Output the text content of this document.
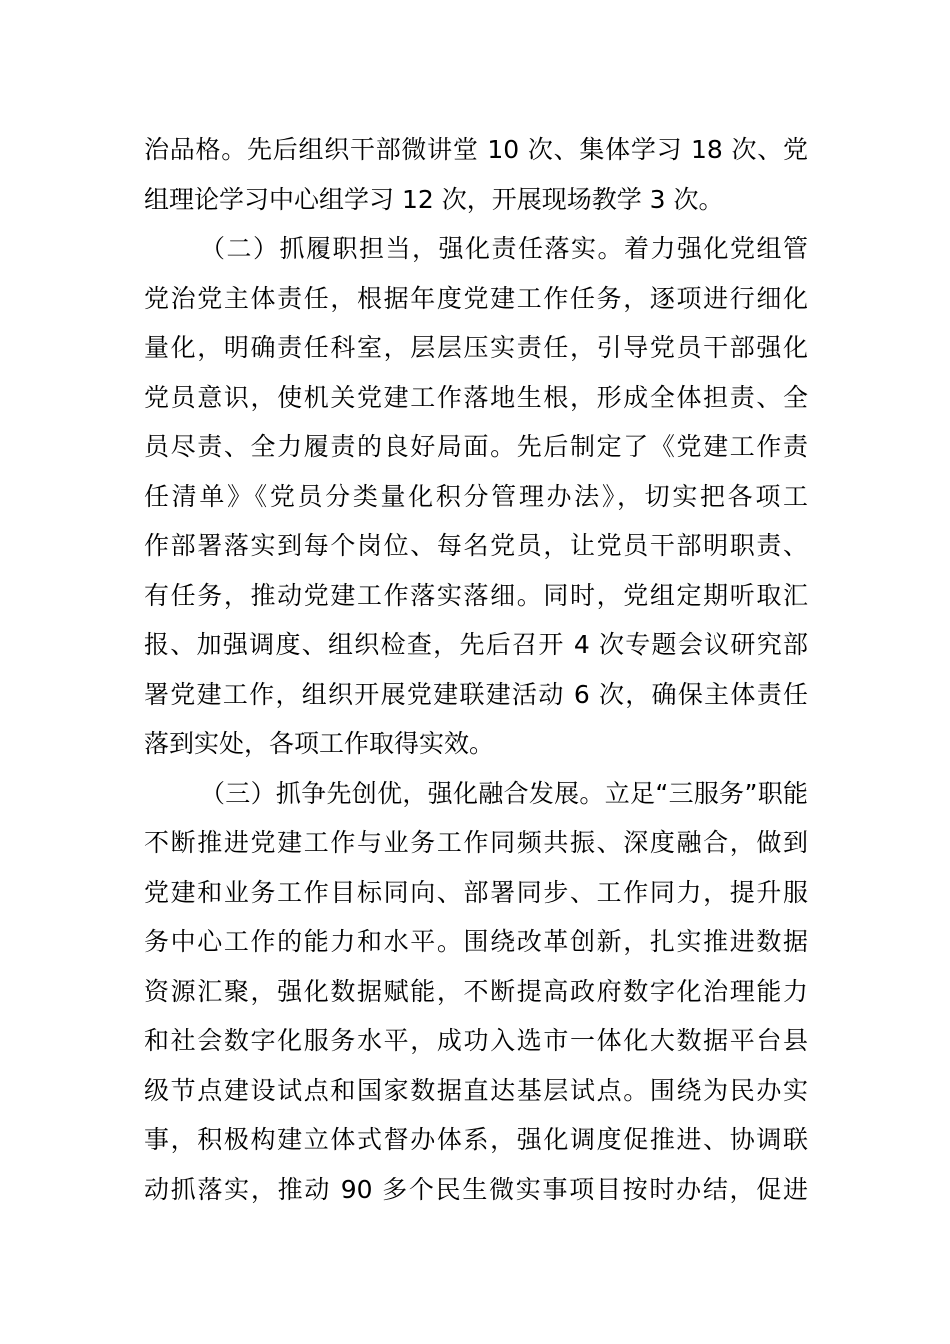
治品格。先后组织干部微讲堂 10 次、集体学习 18 次、党
组理论学习中心组学习 12 次，开展现场教学 3 次。
（二）抓履职担当，强化责任落实。着力强化党组管
党治党主体责任，根据年度党建工作任务，逐项进行细化
量化，明确责任科室，层层压实责任，引导党员干部强化
党员意识，使机关党建工作落地生根，形成全体担责、全
员尽责、全力履责的良好局面。先后制定了《党建工作责
任清单》《党员分类量化积分管理办法》，切实把各项工
作部署落实到每个岗位、每名党员，让党员干部明职责、
有任务，推动党建工作落实落细。同时，党组定期听取汇
报、加强调度、组织检查，先后召开 4 次专题会议研究部
署党建工作，组织开展党建联建活动 6 次，确保主体责任
落到实处，各项工作取得实效。
（三）抓争先创优，强化融合发展。立足“三服务”职能
不断推进党建工作与业务工作同频共振、深度融合，做到
党建和业务工作目标同向、部署同步、工作同力，提升服
务中心工作的能力和水平。围绕改革创新，扎实推进数据
资源汇聚，强化数据赋能，不断提高政府数字化治理能力
和社会数字化服务水平，成功入选市一体化大数据平台县
级节点建设试点和国家数据直达基层试点。围绕为民办实
事，积极构建立体式督办体系，强化调度促推进、协调联
动抓落实，推动 90 多个民生微实事项目按时办结，促进
